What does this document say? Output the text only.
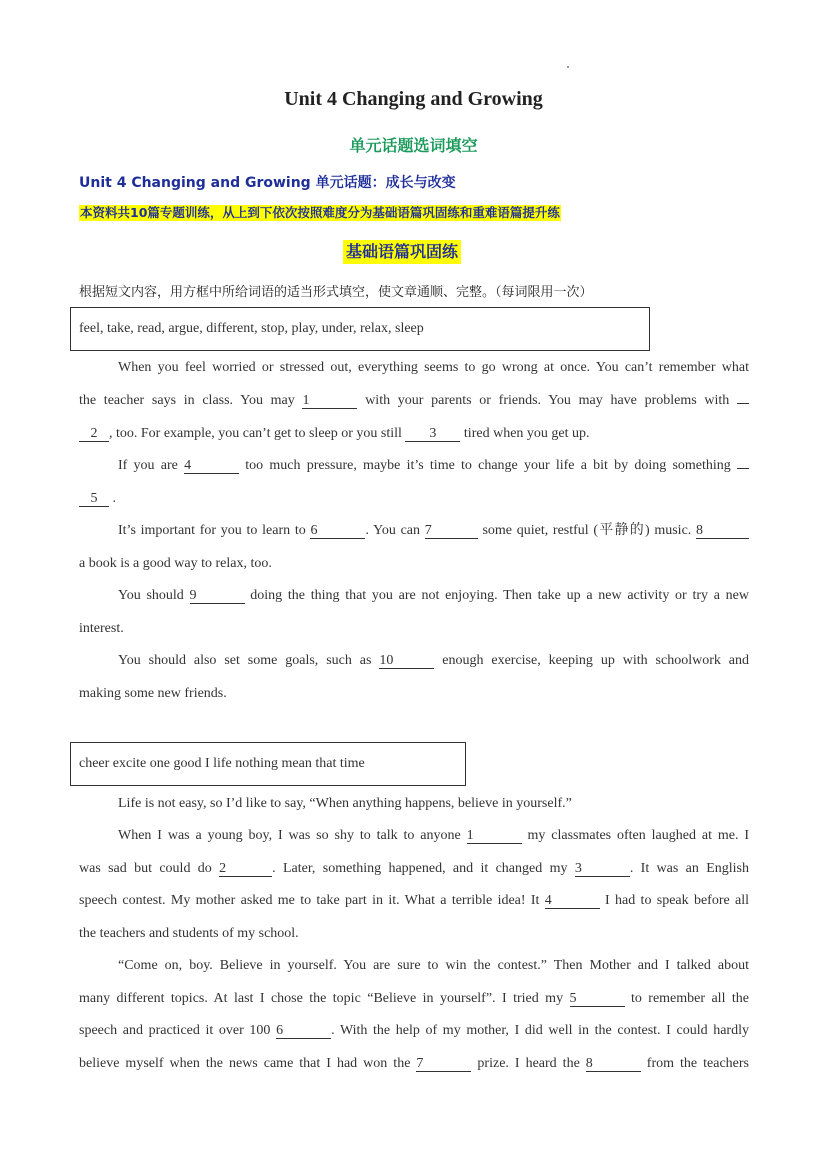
Unit 4 Changing and Growing
单元话题选词填空
Unit 4 Changing and Growing 单元话题：成长与改变
本资料共10篇专题训练，从上到下依次按照难度分为基础语篇巩固练和重难语篇提升练
基础语篇巩固练
根据短文内容，用方框中所给词语的适当形式填空，使文章通顺、完整。（每词限用一次）
feel, take, read, argue, different, stop, play, under, relax, sleep
When you feel worried or stressed out, everything seems to go wrong at once. You can’t remember what
the teacher says in class. You may 1	with your parents or friends. You may have problems with
2 , too. For example, you can’t get to sleep or you still 3 tired when you get up.
If you are 4	too much pressure, maybe it’s time to change your life a bit by doing something
5 .
It’s important for you to learn to 6	. You can 7	some quiet, restful (平静的) music. 8
a book is a good way to relax, too.
You should 9	doing the thing that you are not enjoying. Then take up a new activity or try a new
interest.
You should also set some goals, such as 10	enough exercise, keeping up with schoolwork and
making some new friends.
cheer excite one good I life nothing mean that time
Life is not easy, so I’d like to say, “When anything happens, believe in yourself.”
When I was a young boy, I was so shy to talk to anyone 1	my classmates often laughed at me. I
was sad but could do 2	. Later, something happened, and it changed my 3	. It was an English
speech contest. My mother asked me to take part in it. What a terrible idea! It 4	I had to speak before all
the teachers and students of my school.
“Come on, boy. Believe in yourself. You are sure to win the contest.” Then Mother and I talked about
many different topics. At last I chose the topic “Believe in yourself”. I tried my 5	to remember all the
speech and practiced it over 100 6	. With the help of my mother, I did well in the contest. I could hardly
believe myself when the news came that I had won the 7	prize. I heard the 8	from the teachers
